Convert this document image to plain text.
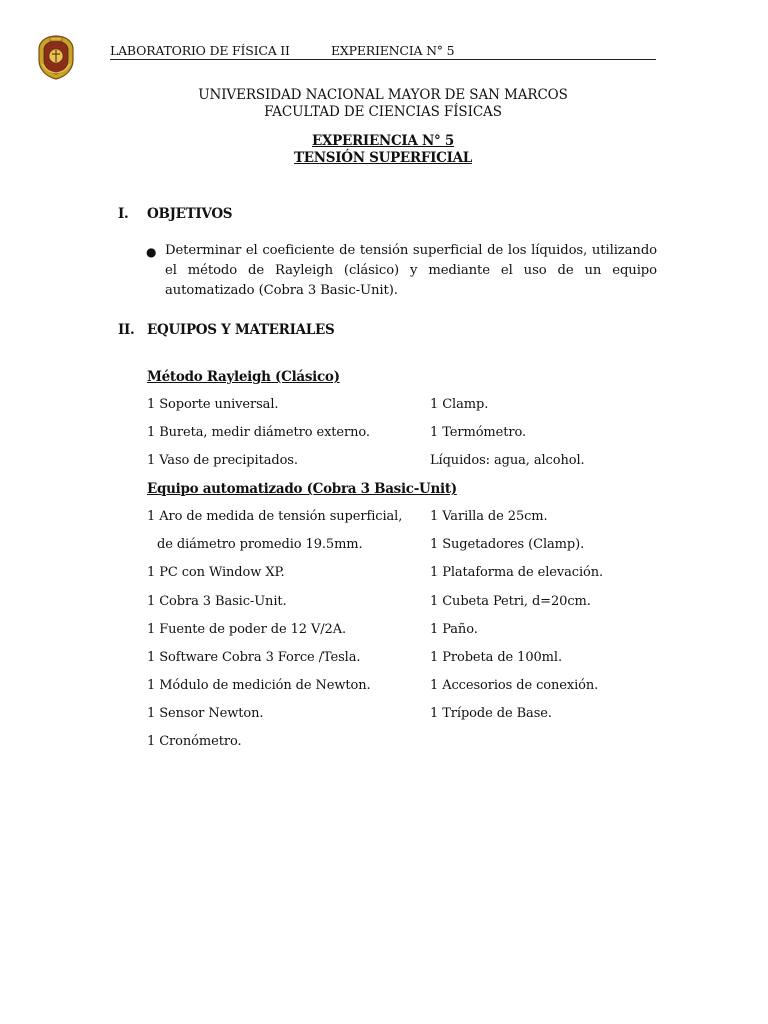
LABORATORIO DE FÍSICA II	EXPERIENCIA N° 5
UNIVERSIDAD NACIONAL MAYOR DE SAN MARCOS
FACULTAD DE CIENCIAS FÍSICAS
EXPERIENCIA N° 5
TENSIÓN SUPERFICIAL
I. OBJETIVOS
● Determinar el coeficiente de tensión superficial de los líquidos, utilizando el método de Rayleigh (clásico) y mediante el uso de un equipo automatizado (Cobra 3 Basic-Unit).
II. EQUIPOS Y MATERIALES
Método Rayleigh (Clásico)
1 Soporte universal.	1 Clamp.
1 Bureta, medir diámetro externo.	1 Termómetro.
1 Vaso de precipitados.	Líquidos: agua, alcohol.
Equipo automatizado (Cobra 3 Basic-Unit)
1 Aro de medida de tensión superficial, 1 Varilla de 25cm.
de diámetro promedio 19.5mm.	1 Sugetadores (Clamp).
1 PC con Window XP.	1 Plataforma de elevación.
1 Cobra 3 Basic-Unit.	1 Cubeta Petri, d=20cm.
1 Fuente de poder de 12 V/2A.	1 Paño.
1 Software Cobra 3 Force /Tesla.	1 Probeta de 100ml.
1 Módulo de medición de Newton.	1 Accesorios de conexión.
1 Sensor Newton.	1 Trípode de Base.
1 Cronómetro.
